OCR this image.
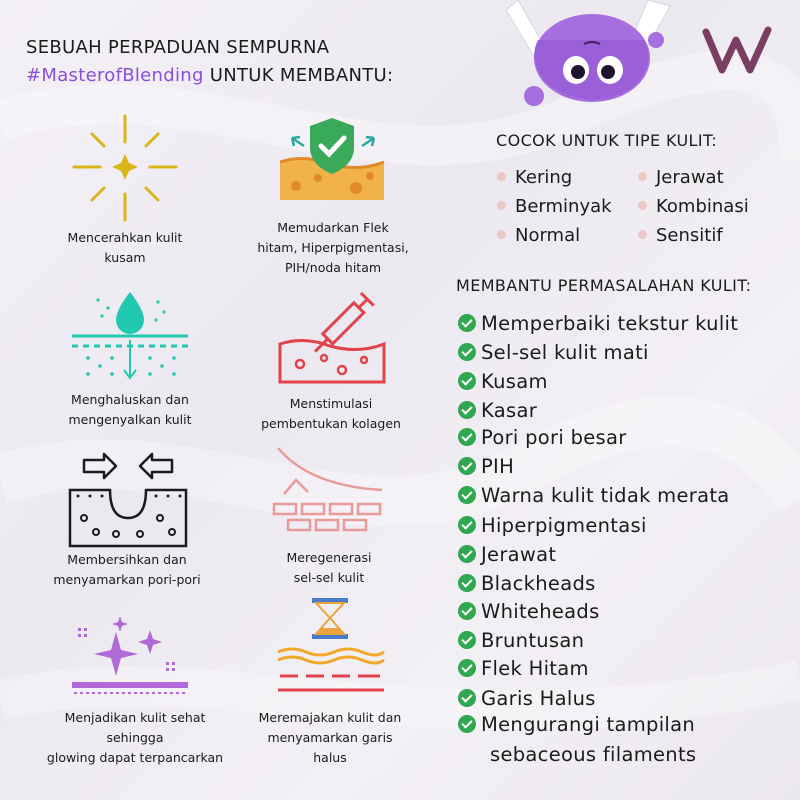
SEBUAH PERPADUAN SEMPURNA
#MasterofBlending UNTUK MEMBANTU:
Mencerahkan kulit
kusam
Memudarkan Flek
hitam, Hiperpigmentasi,
PIH/noda hitam
Menghaluskan dan
mengenyalkan kulit
Menstimulasi
pembentukan kolagen
Membersihkan dan
menyamarkan pori-pori
Meregenerasi
sel-sel kulit
Menjadikan kulit sehat
sehingga
glowing dapat terpancarkan
Meremajakan kulit dan
menyamarkan garis
halus
COCOK UNTUK TIPE KULIT:
Kering	Jerawat
Berminyak	Kombinasi
Normal	Sensitif
MEMBANTU PERMASALAHAN KULIT:
Memperbaiki tekstur kulit
Sel-sel kulit mati
Kusam
Kasar
Pori pori besar
PIH
Warna kulit tidak merata
Hiperpigmentasi
Jerawat
Blackheads
Whiteheads
Bruntusan
Flek Hitam
Garis Halus
Mengurangi tampilan
sebaceous filaments
